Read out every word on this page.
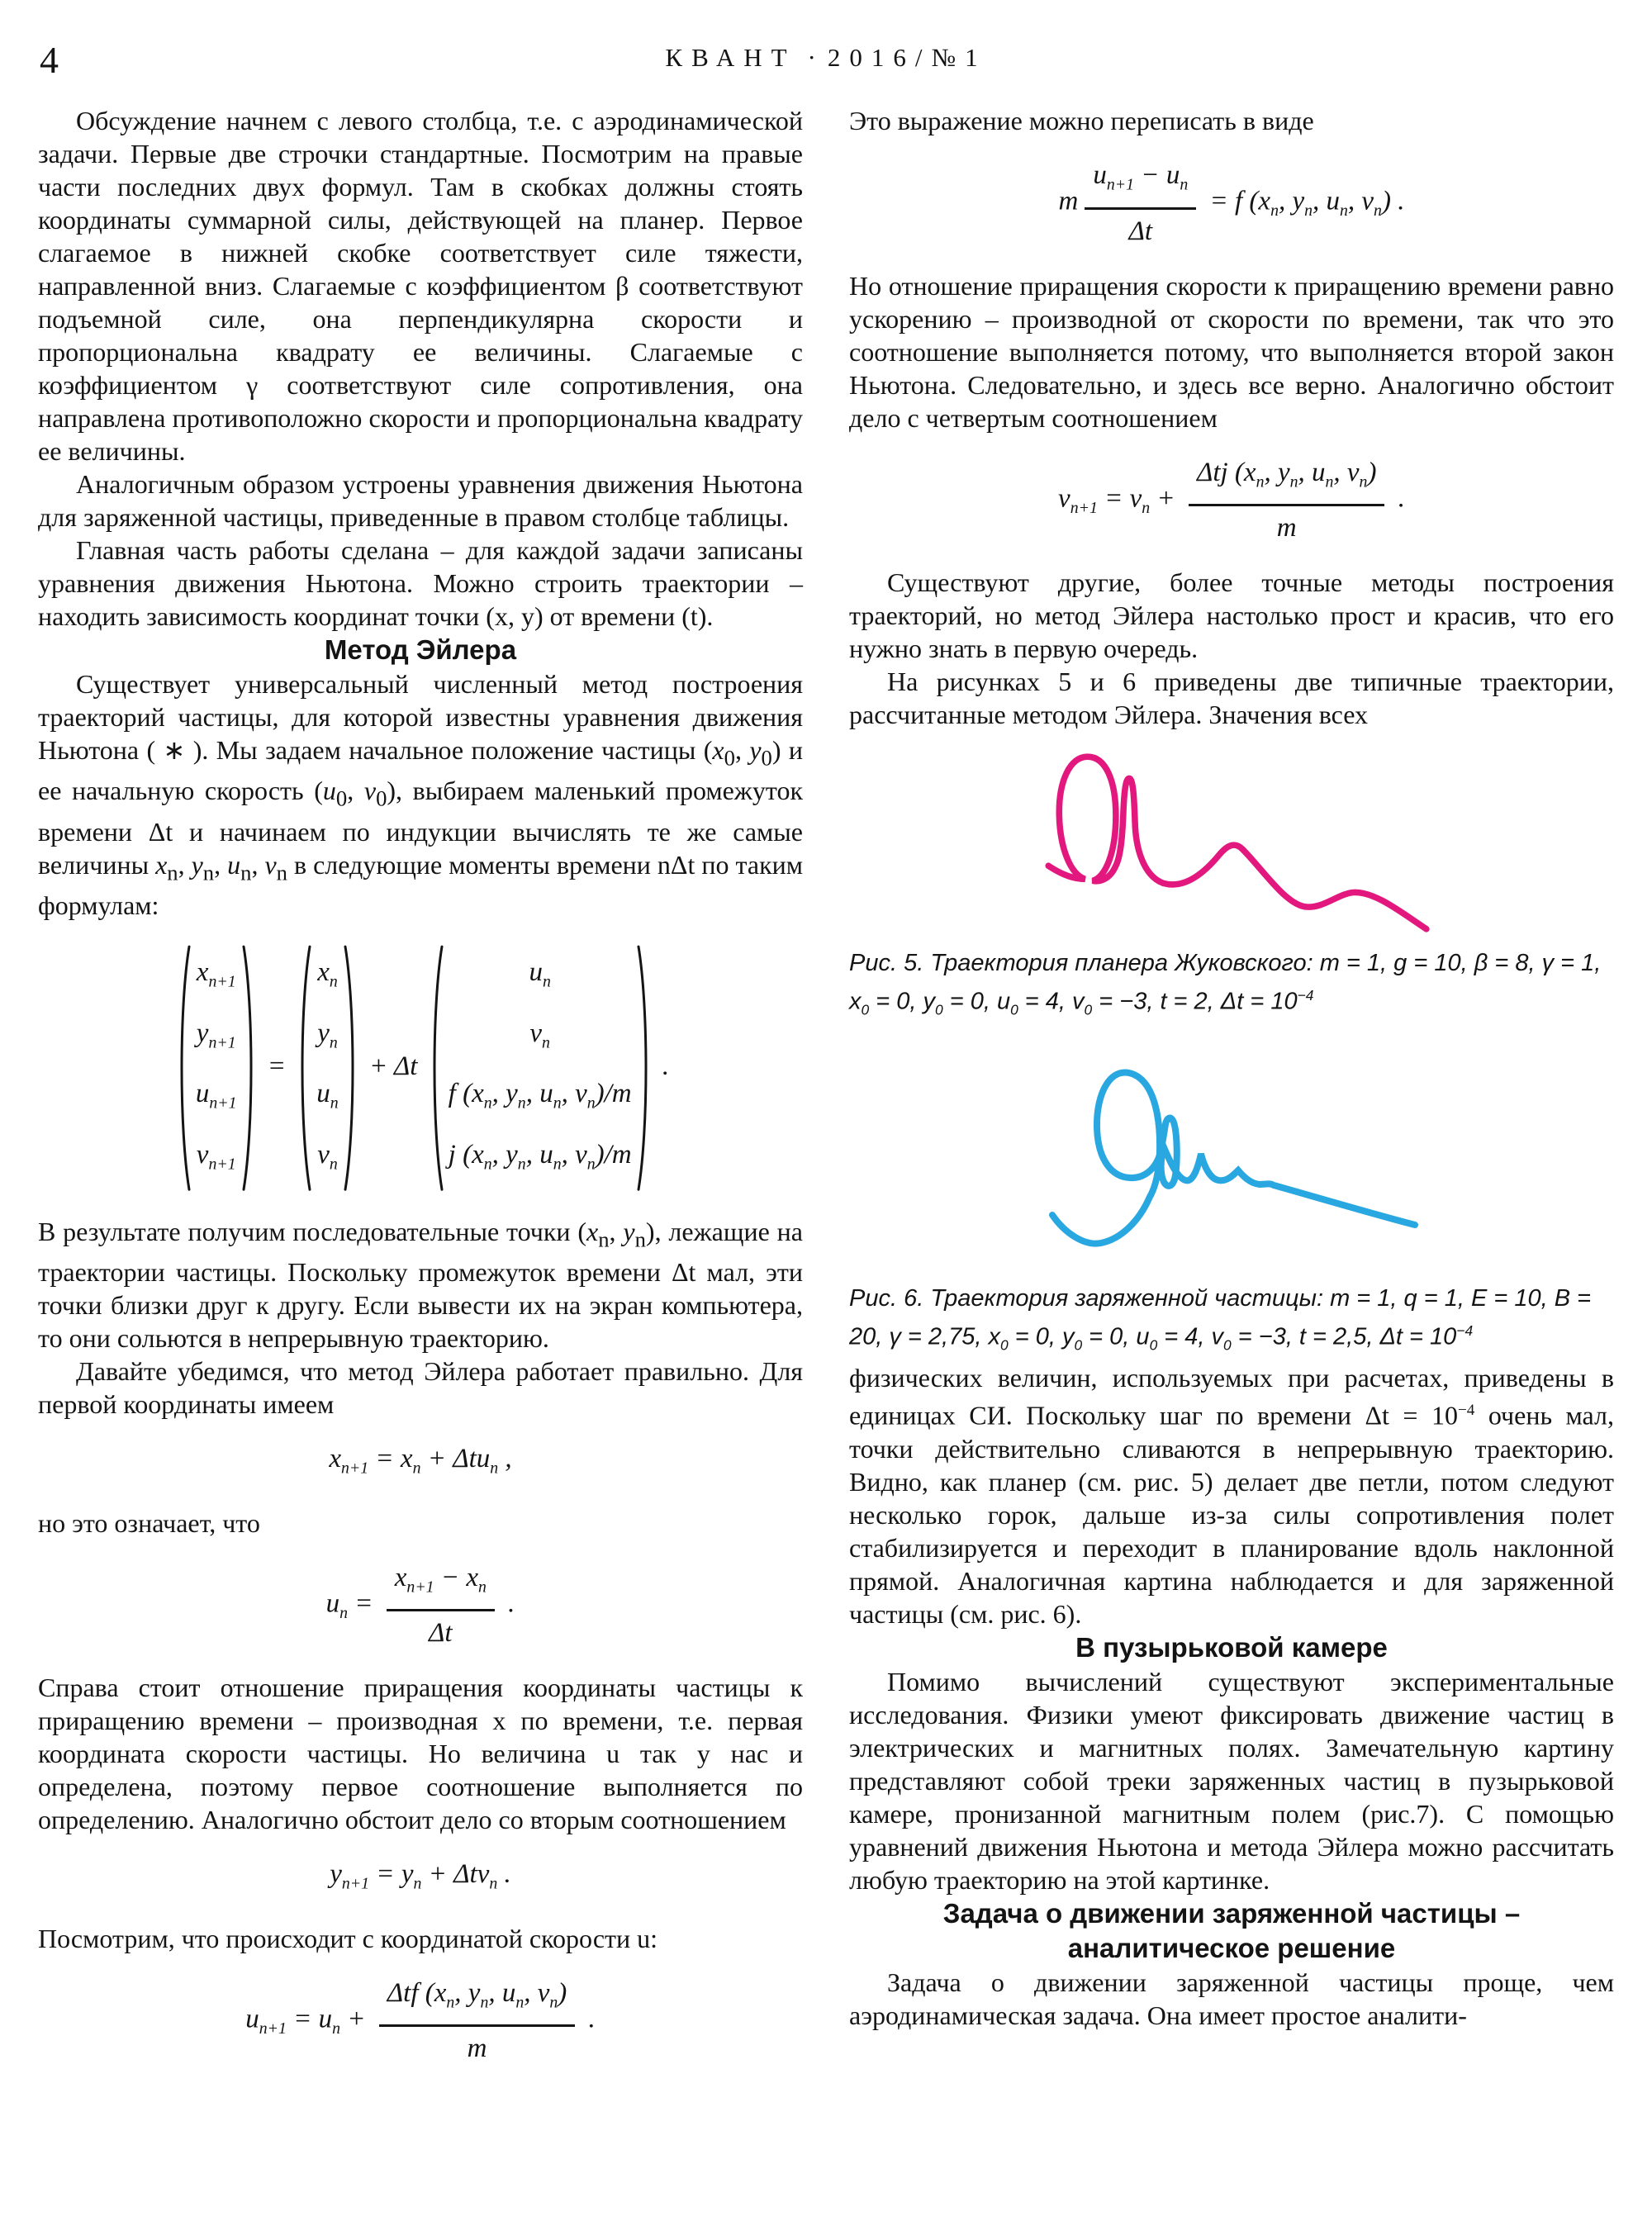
4	КВАНТ · 2016/№1

Обсуждение начнем с левого столбца, т.е. с аэродинамической задачи. Первые две строчки стандартные. Посмотрим на правые части последних двух формул. Там в скобках должны стоять координаты суммарной силы, действующей на планер. Первое слагаемое в нижней скобке соответствует силе тяжести, направленной вниз. Слагаемые с коэффициентом β соответствуют подъемной силе, она перпендикулярна скорости и пропорциональна квадрату ее величины. Слагаемые с коэффициентом γ соответствуют силе сопротивления, она направлена противоположно скорости и пропорциональна квадрату ее величины.

Аналогичным образом устроены уравнения движения Ньютона для заряженной частицы, приведенные в правом столбце таблицы.

Главная часть работы сделана – для каждой задачи записаны уравнения движения Ньютона. Можно строить траектории – находить зависимость координат точки (x, y) от времени (t).

Метод Эйлера

Существует универсальный численный метод построения траекторий частицы, для которой известны уравнения движения Ньютона ( ∗ ). Мы задаем начальное положение частицы ($x_0$, $y_0$) и ее начальную скорость ($u_0$, $v_0$), выбираем маленький промежуток времени Δt и начинаем по индукции вычислять те же самые величины $x_n$, $y_n$, $u_n$, $v_n$ в следующие моменты времени nΔt по таким формулам:

$x_{n+1}$
$y_{n+1}$
$u_{n+1}$
$v_{n+1}$
=
$x_n$
$y_n$
$u_n$
$v_n$
+ Δt
$u_n$
$v_n$
f ($x_n$, $y_n$, $u_n$, $v_n)/m$
j ($x_n$, $y_n$, $u_n$, $v_n)/m$
.

В результате получим последовательные точки ($x_n$, $y_n$), лежащие на траектории частицы. Поскольку промежуток времени Δt мал, эти точки близки друг к другу. Если вывести их на экран компьютера, то они сольются в непрерывную траекторию.

Давайте убедимся, что метод Эйлера работает правильно. Для первой координаты имеем

$x_{n+1} = x_n + \Delta tu_n$ ,

но это означает, что

$u_n = \frac{x_{n+1} - x_n}{\Delta t}$ .

Справа стоит отношение приращения координаты частицы к приращению времени – производная x по времени, т.е. первая координата скорости частицы. Но величина u так у нас и определена, поэтому первое соотношение выполняется по определению. Аналогично обстоит дело со вторым соотношением

$y_{n+1} = y_n + \Delta tv_n$ .

Посмотрим, что происходит с координатой скорости u:

$u_{n+1} = u_n$ +
Δtf ($x_n$, $y_n$, $u_n$, $v_n$)
m
.

Это выражение можно переписать в виде

m $\frac{u_{n+1} - u_n}{\Delta t} = f$ ($x_n$, $y_n$, $u_n$, $v_n$) .

Но отношение приращения скорости к приращению времени равно ускорению – производной от скорости по времени, так что это соотношение выполняется потому, что выполняется второй закон Ньютона. Следовательно, и здесь все верно. Аналогично обстоит дело с четвертым соотношением

$v_{n+1} = v_n$ +
Δtj ($x_n$, $y_n$, $u_n$, $v_n$)
m
.

Существуют другие, более точные методы построения траекторий, но метод Эйлера настолько прост и красив, что его нужно знать в первую очередь.

На рисунках 5 и 6 приведены две типичные траектории, рассчитанные методом Эйлера. Значения всех

Рис. 5. Траектория планера Жуковского: m = 1, g = 10, β = 8, γ = 1, $x_0 = 0$, $y_0 = 0$, $u_0 = 4$, $v_0 = -3$, t = 2, $\Delta t = 10^{-4}$

Рис. 6. Траектория заряженной частицы: m = 1, q = 1, E = 10, B = 20, γ = 2,75, $x_0 = 0$, $y_0 = 0$, $u_0 = 4$, $v_0 = -3$, t = 2,5, $\Delta t = 10^{-4}$

физических величин, используемых при расчетах, приведены в единицах СИ. Поскольку шаг по времени $\Delta t = 10^{-4}$ очень мал, точки действительно сливаются в непрерывную траекторию. Видно, как планер (см. рис. 5) делает две петли, потом следуют несколько горок, дальше из-за силы сопротивления полет стабилизируется и переходит в планирование вдоль наклонной прямой. Аналогичная картина наблюдается и для заряженной частицы (см. рис. 6).

В пузырьковой камере

Помимо вычислений существуют экспериментальные исследования. Физики умеют фиксировать движение частиц в электрических и магнитных полях. Замечательную картину представляют собой треки заряженных частиц в пузырьковой камере, пронизанной магнитным полем (рис.7). С помощью уравнений движения Ньютона и метода Эйлера можно рассчитать любую траекторию на этой картинке.

Задача о движении заряженной частицы –
аналитическое решение

Задача о движении заряженной частицы проще, чем аэродинамическая задача. Она имеет простое аналити-
